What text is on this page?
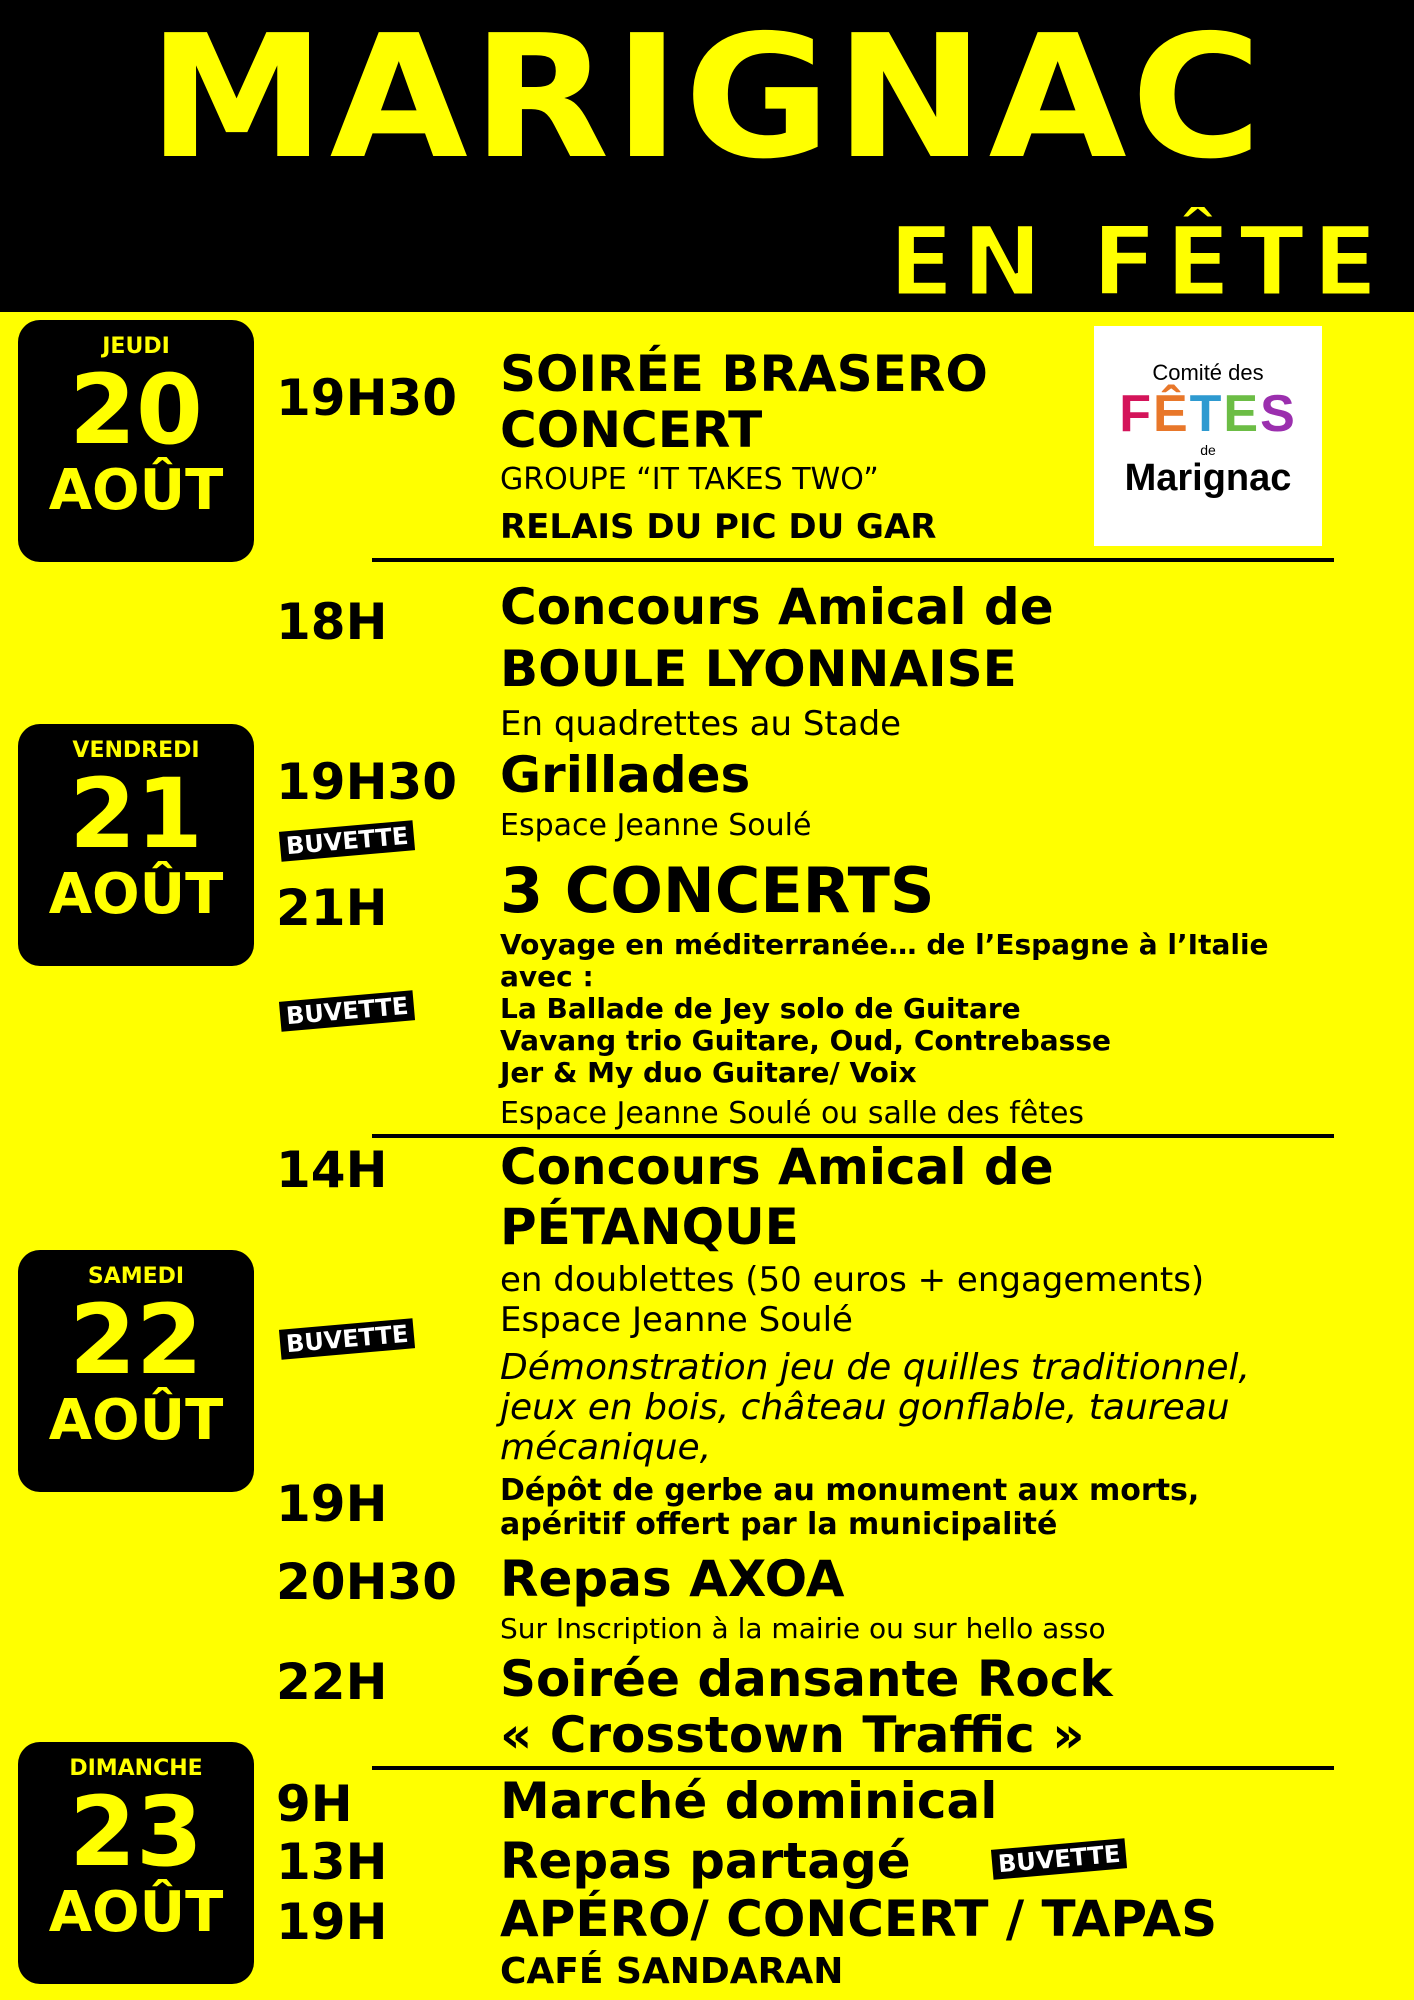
MARIGNAC
EN FÊTE
Comité des
FÊTES
de
Marignac
JEUDI
20
AOÛT
VENDREDI
21
AOÛT
SAMEDI
22
AOÛT
DIMANCHE
23
AOÛT
19H30 SOIRÉE BRASERO
CONCERT
GROUPE “IT TAKES TWO”
RELAIS DU PIC DU GAR
18H Concours Amical de
BOULE LYONNAISE
En quadrettes au Stade
19H30 Grillades
Espace Jeanne Soulé
BUVETTE
21H 3 CONCERTS
Voyage en méditerranée… de l’Espagne à l’Italie
avec :
La Ballade de Jey solo de Guitare
Vavang trio Guitare, Oud, Contrebasse
Jer & My duo Guitare/ Voix
Espace Jeanne Soulé ou salle des fêtes
BUVETTE
14H Concours Amical de
PÉTANQUE
en doublettes (50 euros + engagements)
Espace Jeanne Soulé
Démonstration jeu de quilles traditionnel,
jeux en bois, château gonflable, taureau
mécanique,
BUVETTE
19H	Dépôt de gerbe au monument aux morts,
apéritif offert par la municipalité
20H30 Repas AXOA
Sur Inscription à la mairie ou sur hello asso
22H Soirée dansante Rock
« Crosstown Traffic »
9H	Marché dominical
13H Repas partagé	BUVETTE
19H APÉRO/ CONCERT / TAPAS
CAFÉ SANDARAN
